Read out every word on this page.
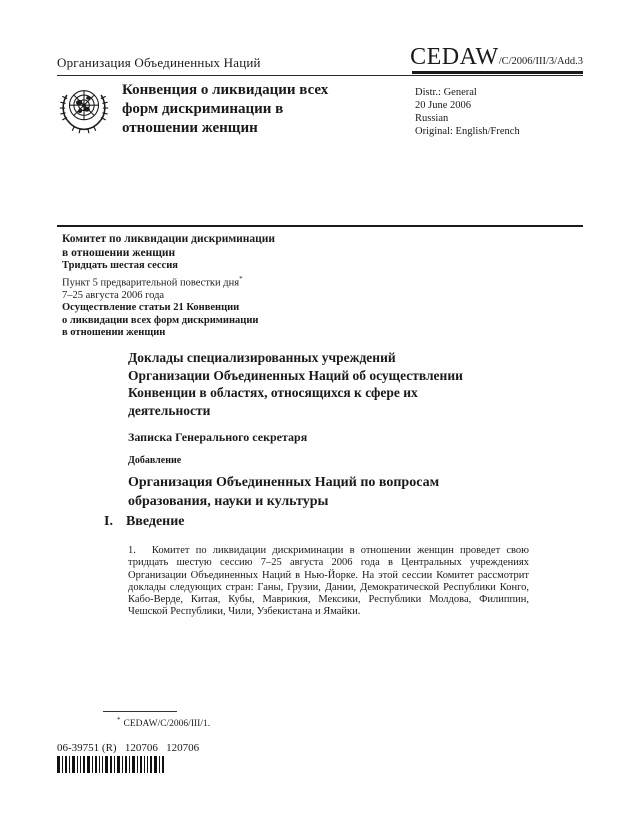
Организация Объединенных Наций	CEDAW /C/2006/III/3/Add.3
Конвенция о ликвидации всех
форм дискриминации в
отношении женщин
Distr.: General
20 June 2006
Russian
Original: English/French
Комитет по ликвидации дискриминации
в отношении женщин
Тридцать шестая сессия
Пункт 5 предварительной повестки дня*
7–25 августа 2006 года
Осуществление статьи 21 Конвенции
о ликвидации всех форм дискриминации
в отношении женщин
Доклады специализированных учреждений
Организации Объединенных Наций об осуществлении
Конвенции в областях, относящихся к сфере их
деятельности
Записка Генерального секретаря
Добавление
Организация Объединенных Наций по вопросам
образования, науки и культуры
I. Введение
1. Комитет по ликвидации дискриминации в отношении женщин проведет свою тридцать шестую сессию 7–25 августа 2006 года в Центральных учреждениях Организации Объединенных Наций в Нью-Йорке. На этой сессии Комитет рассмотрит доклады следующих стран: Ганы, Грузии, Дании, Демократической Республики Конго, Кабо-Верде, Китая, Кубы, Маврикия, Мексики, Республики Молдова, Филиппин, Чешской Республики, Чили, Узбекистана и Ямайки.
* CEDAW/C/2006/III/1.
06-39751 (R)   120706   120706
